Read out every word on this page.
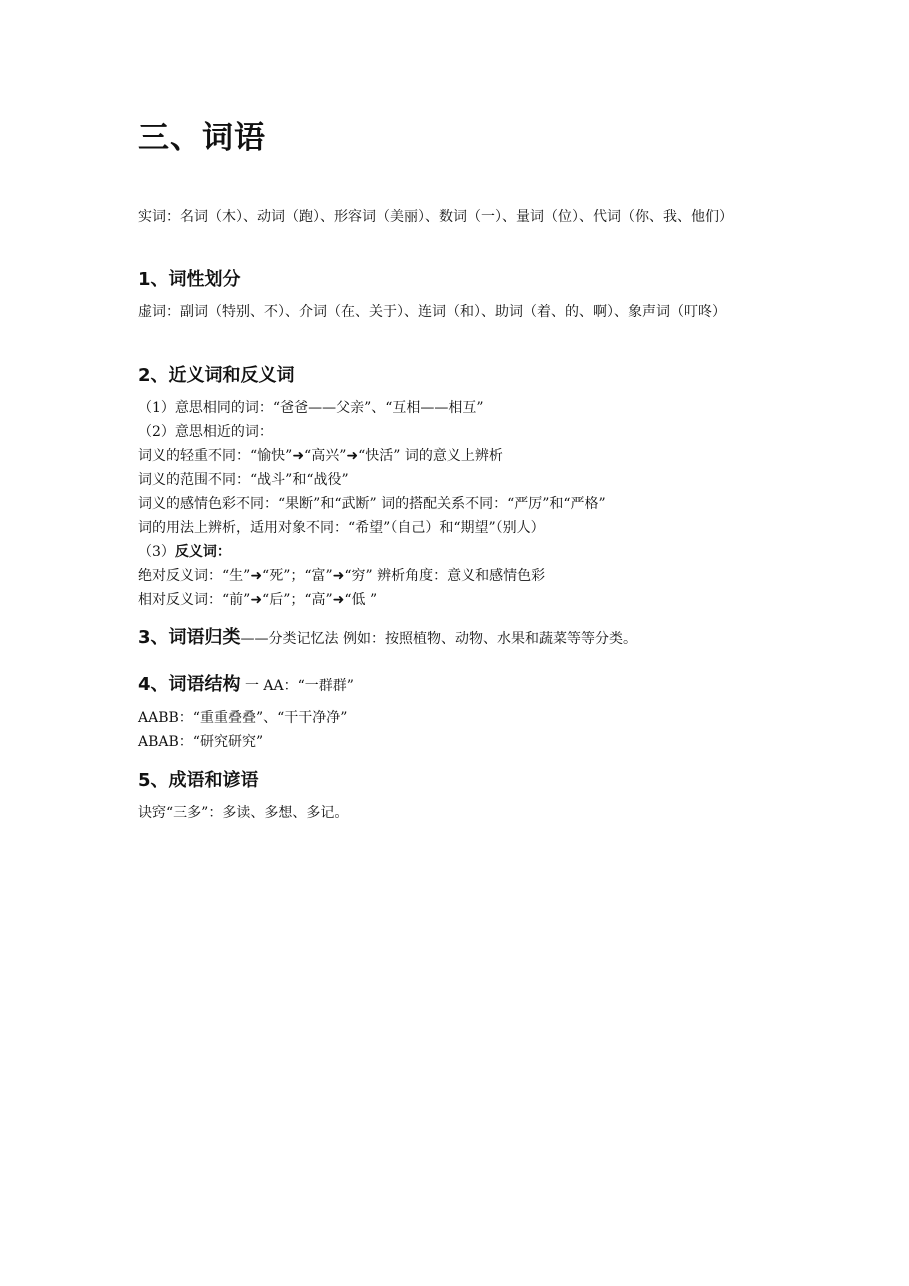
三、词语

实词：名词（木）、动词（跑）、形容词（美丽）、数词（一）、量词（位）、代词（你、我、他们）

1、词性划分

虚词：副词（特别、不）、介词（在、关于）、连词（和）、助词（着、的、啊）、象声词（叮咚）

2、近义词和反义词

（1）意思相同的词：“爸爸——父亲”、“互相——相互”

（2）意思相近的词：

词义的轻重不同：“愉快”➜“高兴”➜“快活” 词的意义上辨析

词义的范围不同：“战斗”和“战役”

词义的感情色彩不同：“果断”和“武断” 词的搭配关系不同：“严厉”和“严格”

词的用法上辨析，适用对象不同：“希望”（自己）和“期望”（别人）

（3）反义词：

绝对反义词：“生”➜“死”；“富”➜“穷” 辨析角度：意义和感情色彩

相对反义词：“前”➜“后”；“高”➜“低 ”

3、词语归类——分类记忆法 例如：按照植物、动物、水果和蔬菜等等分类。
4、词语结构 一 AA：“一群群”

AABB：“重重叠叠”、“干干净净”

ABAB：“研究研究”

5、成语和谚语

诀窍“三多”：多读、多想、多记。
